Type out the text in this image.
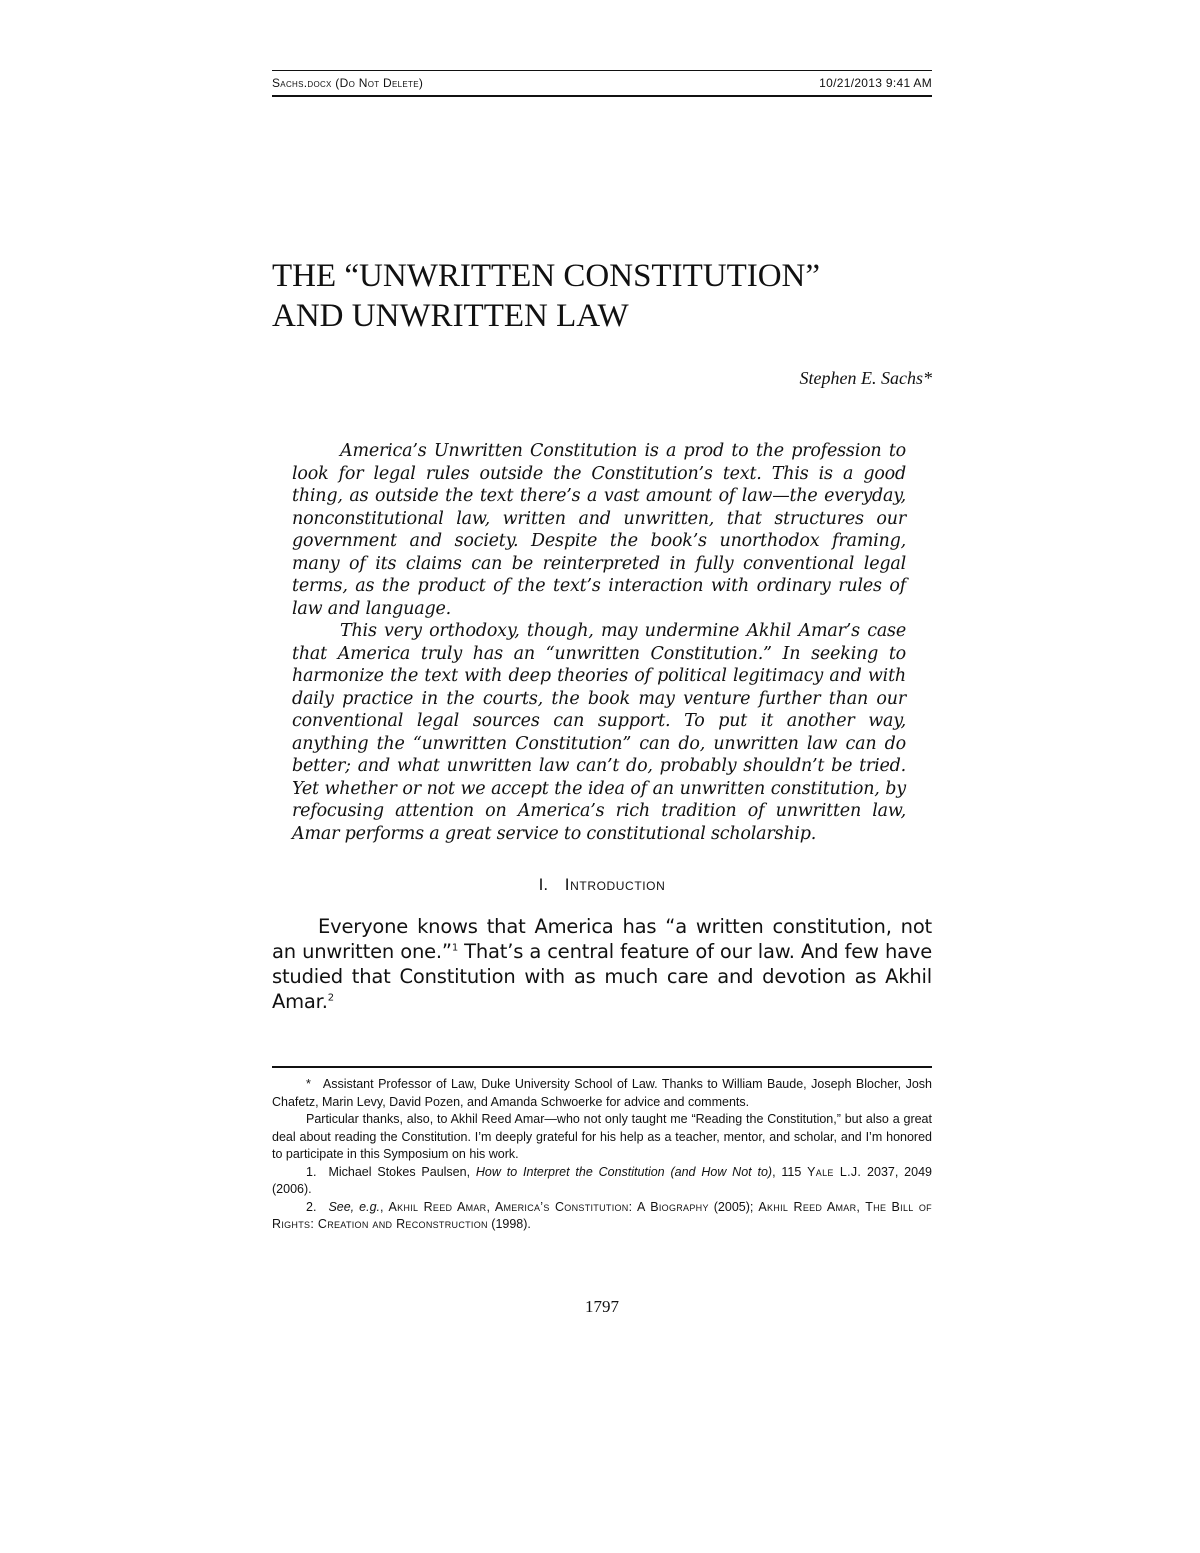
Sachs.docx (Do Not Delete)	10/21/2013 9:41 AM
THE “UNWRITTEN CONSTITUTION”
AND UNWRITTEN LAW
Stephen E. Sachs*

America’s Unwritten Constitution is a prod to the profession to look for legal rules outside the Constitution’s text. This is a good thing, as outside the text there’s a vast amount of law—the everyday, nonconstitutional law, written and unwritten, that structures our government and society. Despite the book’s unorthodox framing, many of its claims can be reinterpreted in fully conventional legal terms, as the product of the text’s interaction with ordinary rules of law and language.

This very orthodoxy, though, may undermine Akhil Amar’s case that America truly has an “unwritten Constitution.” In seeking to harmonize the text with deep theories of political legitimacy and with daily practice in the courts, the book may venture further than our conventional legal sources can support. To put it another way, anything the “unwritten Constitution” can do, unwritten law can do better; and what unwritten law can’t do, probably shouldn’t be tried. Yet whether or not we accept the idea of an unwritten constitution, by refocusing attention on America’s rich tradition of unwritten law, Amar performs a great service to constitutional scholarship.

I. Introduction

Everyone knows that America has “a written constitution, not an unwritten one.”$^1$ That’s a central feature of our law. And few have studied that Constitution with as much care and devotion as Akhil Amar.$^2$

* Assistant Professor of Law, Duke University School of Law. Thanks to William Baude, Joseph Blocher, Josh Chafetz, Marin Levy, David Pozen, and Amanda Schwoerke for advice and comments.

Particular thanks, also, to Akhil Reed Amar—who not only taught me “Reading the Constitution,” but also a great deal about reading the Constitution. I’m deeply grateful for his help as a teacher, mentor, and scholar, and I’m honored to participate in this Symposium on his work.

1. Michael Stokes Paulsen, How to Interpret the Constitution (and How Not to), 115 Yale L.J. 2037, 2049 (2006).

2. See, e.g., Akhil Reed Amar, America’s Constitution: A Biography (2005); Akhil Reed Amar, The Bill of Rights: Creation and Reconstruction (1998).

1797
